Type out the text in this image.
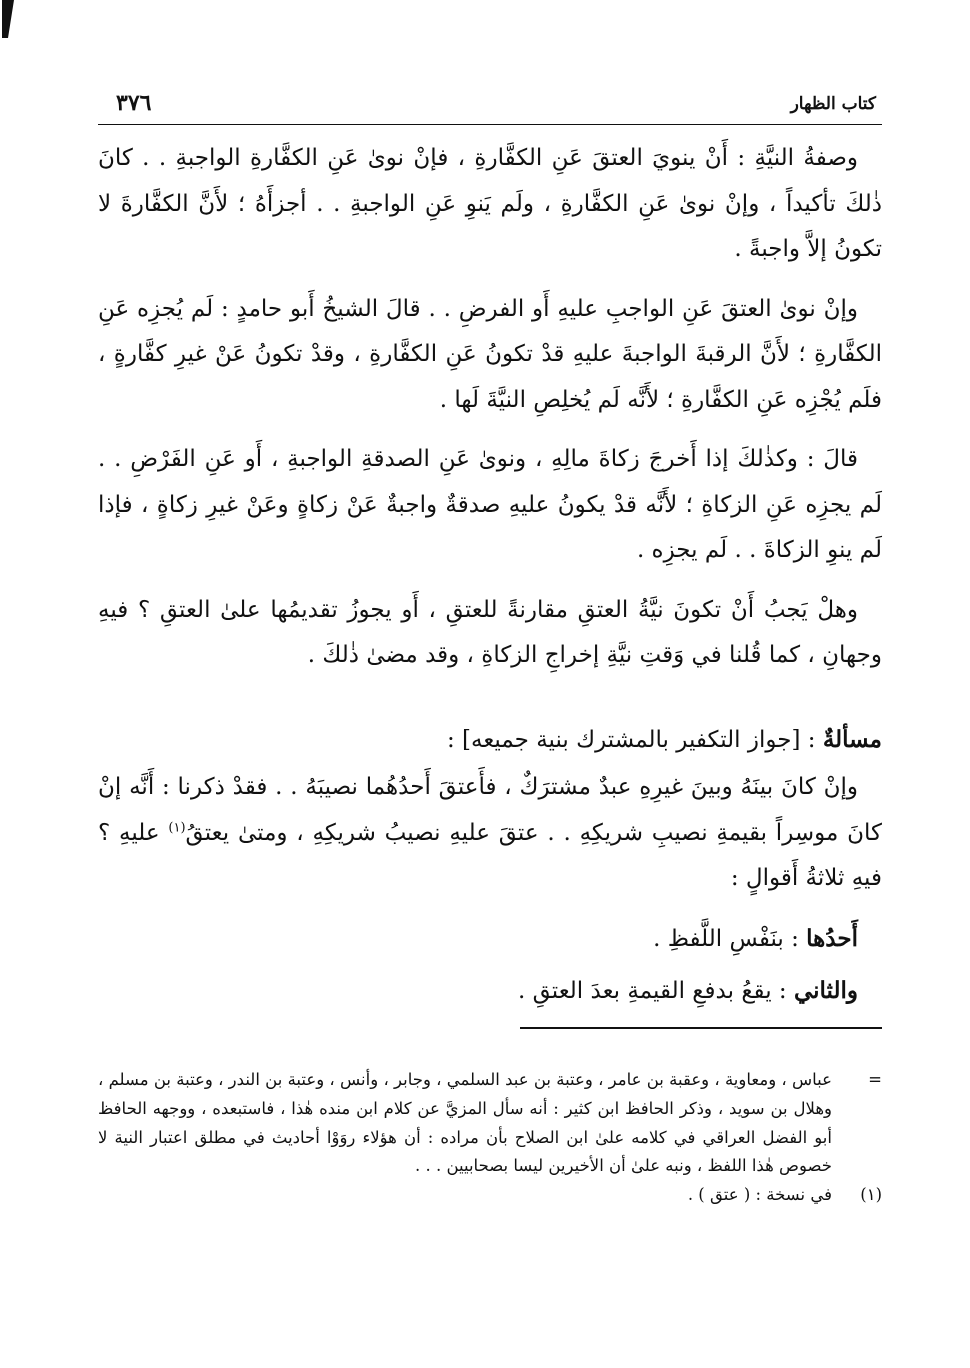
٣٧٦	كتاب الظهار

وصفةُ النيَّةِ : أَنْ ينويَ العتقَ عَنِ الكفَّارةِ ، فإنْ نوىٰ عَنِ الكفَّارةِ الواجبةِ . . كانَ ذٰلكَ تأكيداً ، وإنْ نوىٰ عَنِ الكفَّارةِ ، ولَم يَنوِ عَنِ الواجبةِ . . أجزأَهُ ؛ لأَنَّ الكفَّارةَ لا تكونُ إلاَّ واجبةً .

وإنْ نوىٰ العتقَ عَنِ الواجبِ عليهِ أَو الفرضِ . . قالَ الشيخُ أَبو حامدٍ : لَم يُجزِه عَنِ الكفَّارةِ ؛ لأَنَّ الرقبةَ الواجبةَ عليهِ قدْ تكونُ عَنِ الكفَّارةِ ، وقدْ تكونُ عَنْ غيرِ كفَّارةٍ ، فلَم يُجْزِه عَنِ الكفَّارةِ ؛ لأَنَّه لَم يُخلِصِ النيَّةَ لَها .

قالَ : وكذٰلكَ إذا أَخرجَ زكاةَ مالِهِ ، ونوىٰ عَنِ الصدقةِ الواجبةِ ، أَو عَنِ الفَرْضِ . . لَم يجزِه عَنِ الزكاةِ ؛ لأَنَّه قدْ يكونُ عليهِ صدقةٌ واجبةٌ عَنْ زكاةٍ وعَنْ غيرِ زكاةٍ ، فإذا لَم ينوِ الزكاةَ . . لَم يجزِه .

وهلْ يَجبُ أَنْ تكونَ نيَّةُ العتقِ مقارنةً للعتقِ ، أَو يجوزُ تقديمُها علىٰ العتقِ ؟ فيهِ وجهانِ ، كما قُلنا في وَقتِ نيَّةِ إخراجِ الزكاةِ ، وقد مضىٰ ذٰلكَ .

مسألةٌ : [جواز التكفير بالمشترك بنية جميعه] :

وإنْ كانَ بينَهُ وبينَ غيرِهِ عبدٌ مشترَكٌ ، فأَعتقَ أَحدُهُما نصيبَهُ . . فقدْ ذكرنا : أَنَّه إنْ كانَ موسِراً بقيمةِ نصيبِ شريكِهِ . . عتقَ عليهِ نصيبُ شريكِهِ ، ومتىٰ يعتقُ$^{(١)}$ عليهِ ؟ فيهِ ثلاثةُ أَقوالٍ :

أَحدُها : بنَفْسِ اللَّفظِ .

والثاني : يقعُ بدفعِ القيمةِ بعدَ العتقِ .

=
عباس ، ومعاوية ، وعقبة بن عامر ، وعتبة بن عبد السلمي ، وجابر ، وأنس ، وعتبة بن الندر ، وعتبة بن مسلم ، وهلال بن سويد ، وذكر الحافظ ابن كثير : أنه سأل المزيَّ عن كلام ابن منده هٰذا ، فاستبعده ، ووجهه الحافظ أبو الفضل العراقي في كلامه علىٰ ابن الصلاح بأن مراده : أن هؤلاء روَوْا أحاديث في مطلق اعتبار النية لا خصوص هٰذا اللفظ ، ونبه علىٰ أن الأخيرين ليسا بصحابيين . . .
(١)
في نسخة : ( عتق ) .
